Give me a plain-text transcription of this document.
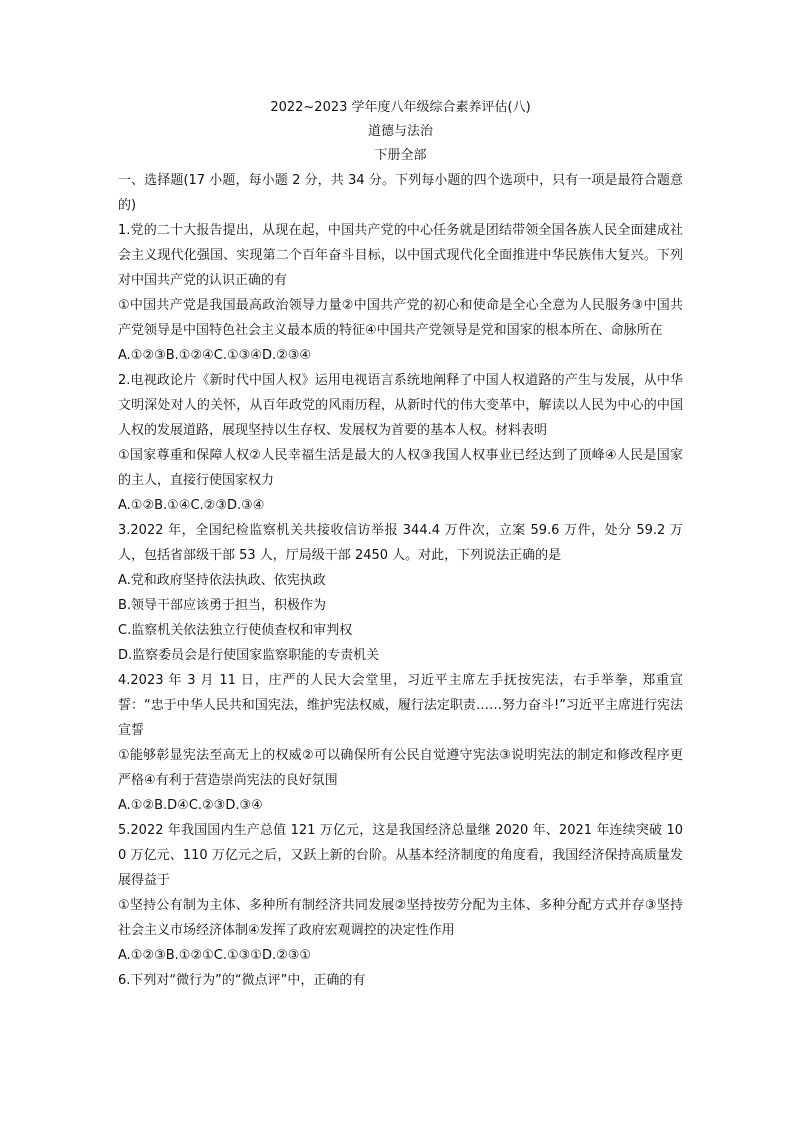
2022~2023 学年度八年级综合素养评估(八)

道德与法治

下册全部

一、选择题(17 小题，每小题 2 分，共 34 分。下列每小题的四个选项中，只有一项是最符合题意的)

1.党的二十大报告提出，从现在起，中国共产党的中心任务就是团结带领全国各族人民全面建成社会主义现代化强国、实现第二个百年奋斗目标，以中国式现代化全面推进中华民族伟大复兴。下列对中国共产党的认识正确的有

①中国共产党是我国最高政治领导力量②中国共产党的初心和使命是全心全意为人民服务③中国共产党领导是中国特色社会主义最本质的特征④中国共产党领导是党和国家的根本所在、命脉所在

A.①②③B.①②④C.①③④D.②③④

2.电视政论片《新时代中国人权》运用电视语言系统地阐释了中国人权道路的产生与发展，从中华文明深处对人的关怀，从百年政党的风雨历程，从新时代的伟大变革中，解读以人民为中心的中国人权的发展道路，展现坚持以生存权、发展权为首要的基本人权。材料表明

①国家尊重和保障人权②人民幸福生活是最大的人权③我国人权事业已经达到了顶峰④人民是国家的主人，直接行使国家权力

A.①②B.①④C.②③D.③④

3.2022 年，全国纪检监察机关共接收信访举报 344.4 万件次，立案 59.6 万件，处分 59.2 万人，包括省部级干部 53 人，厅局级干部 2450 人。对此，下列说法正确的是

A.党和政府坚持依法执政、依宪执政

B.领导干部应该勇于担当，积极作为

C.监察机关依法独立行使侦查权和审判权

D.监察委员会是行使国家监察职能的专责机关

4.2023 年 3 月 11 日，庄严的人民大会堂里，习近平主席左手抚按宪法，右手举拳，郑重宣誓：“忠于中华人民共和国宪法，维护宪法权威，履行法定职责……努力奋斗!”习近平主席进行宪法宣誓

①能够彰显宪法至高无上的权威②可以确保所有公民自觉遵守宪法③说明宪法的制定和修改程序更严格④有利于营造崇尚宪法的良好氛围

A.①②B.D④C.②③D.③④

5.2022 年我国国内生产总值 121 万亿元，这是我国经济总量继 2020 年、2021 年连续突破 100 万亿元、110 万亿元之后，又跃上新的台阶。从基本经济制度的角度看，我国经济保持高质量发展得益于

①坚持公有制为主体、多种所有制经济共同发展②坚持按劳分配为主体、多种分配方式并存③坚持社会主义市场经济体制④发挥了政府宏观调控的决定性作用

A.①②③B.①②①C.①③①D.②③①

6.下列对“微行为”的“微点评”中，正确的有
